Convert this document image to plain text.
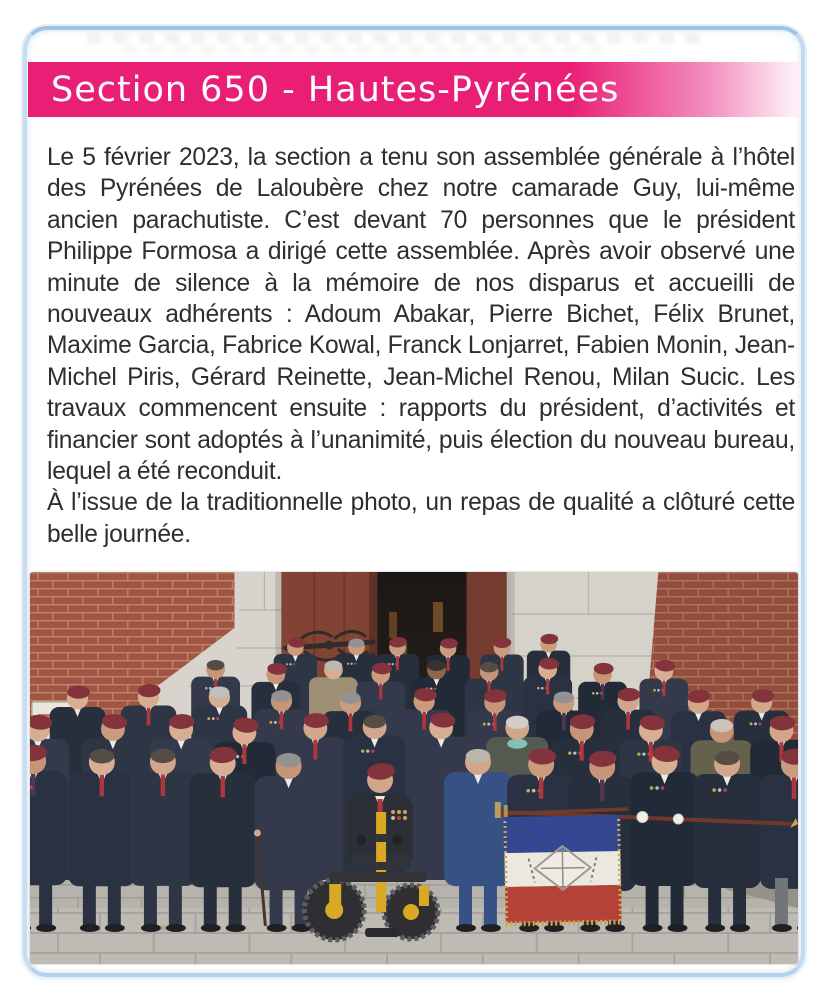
Section 650 - Hautes-Pyrénées

Le 5 février 2023, la section a tenu son assemblée générale à l’hôtel des Pyrénées de Laloubère chez notre camarade Guy, lui-même ancien parachutiste. C’est devant 70 personnes que le président Philippe Formosa a dirigé cette assemblée. Après avoir observé une minute de silence à la mémoire de nos disparus et accueilli de nouveaux adhérents : Adoum Abakar, Pierre Bichet, Félix Brunet, Maxime Garcia, Fabrice Kowal, Franck Lonjarret, Fabien Monin, Jean-Michel Piris, Gérard Reinette, Jean-Michel Renou, Milan Sucic. Les travaux commencent ensuite : rapports du président, d’activités et financier sont adoptés à l’unanimité, puis élection du nouveau bureau, lequel a été reconduit.

À l’issue de la traditionnelle photo, un repas de qualité a clôturé cette belle journée.
